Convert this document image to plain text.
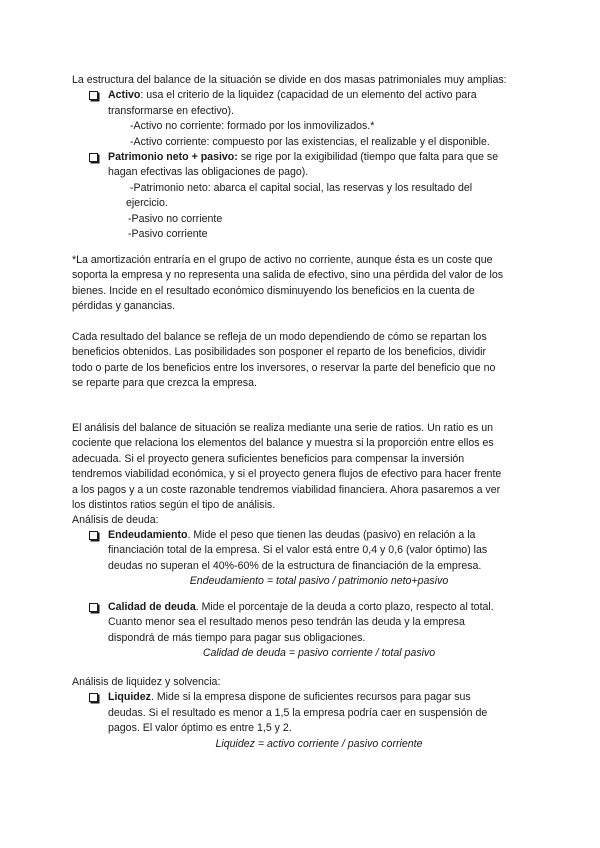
La estructura del balance de la situación se divide en dos masas patrimoniales muy amplias:
Activo: usa el criterio de la liquidez (capacidad de un elemento del activo para
transformarse en efectivo).
-Activo no corriente: formado por los inmovilizados.*
-Activo corriente: compuesto por las existencias, el realizable y el disponible.
Patrimonio neto + pasivo: se rige por la exigibilidad (tiempo que falta para que se
hagan efectivas las obligaciones de pago).
-Patrimonio neto: abarca el capital social, las reservas y los resultado del
ejercicio.
-Pasivo no corriente
-Pasivo corriente
*La amortización entraría en el grupo de activo no corriente, aunque ésta es un coste que
soporta la empresa y no representa una salida de efectivo, sino una pérdida del valor de los
bienes. Incide en el resultado económico disminuyendo los beneficios en la cuenta de
pérdidas y ganancias.
Cada resultado del balance se refleja de un modo dependiendo de cómo se repartan los
beneficios obtenidos. Las posibilidades son posponer el reparto de los beneficios, dividir
todo o parte de los beneficios entre los inversores, o reservar la parte del beneficio que no
se reparte para que crezca la empresa.
El análisis del balance de situación se realiza mediante una serie de ratios. Un ratio es un
cociente que relaciona los elementos del balance y muestra si la proporción entre ellos es
adecuada. Si el proyecto genera suficientes beneficios para compensar la inversión
tendremos viabilidad económica, y si el proyecto genera flujos de efectivo para hacer frente
a los pagos y a un coste razonable tendremos viabilidad financiera. Ahora pasaremos a ver
los distintos ratios según el tipo de análisis.
Análisis de deuda:
Endeudamiento. Mide el peso que tienen las deudas (pasivo) en relación a la
financiación total de la empresa. Si el valor está entre 0,4 y 0,6 (valor óptimo) las
deudas no superan el 40%-60% de la estructura de financiación de la empresa.
Endeudamiento = total pasivo / patrimonio neto+pasivo
Calidad de deuda. Mide el porcentaje de la deuda a corto plazo, respecto al total.
Cuanto menor sea el resultado menos peso tendrán las deuda y la empresa
dispondrá de más tiempo para pagar sus obligaciones.
Calidad de deuda = pasivo corriente / total pasivo
Análisis de liquidez y solvencia:
Liquidez. Mide si la empresa dispone de suficientes recursos para pagar sus
deudas. Si el resultado es menor a 1,5 la empresa podría caer en suspensión de
pagos. El valor óptimo es entre 1,5 y 2.
Liquidez = activo corriente / pasivo corriente
